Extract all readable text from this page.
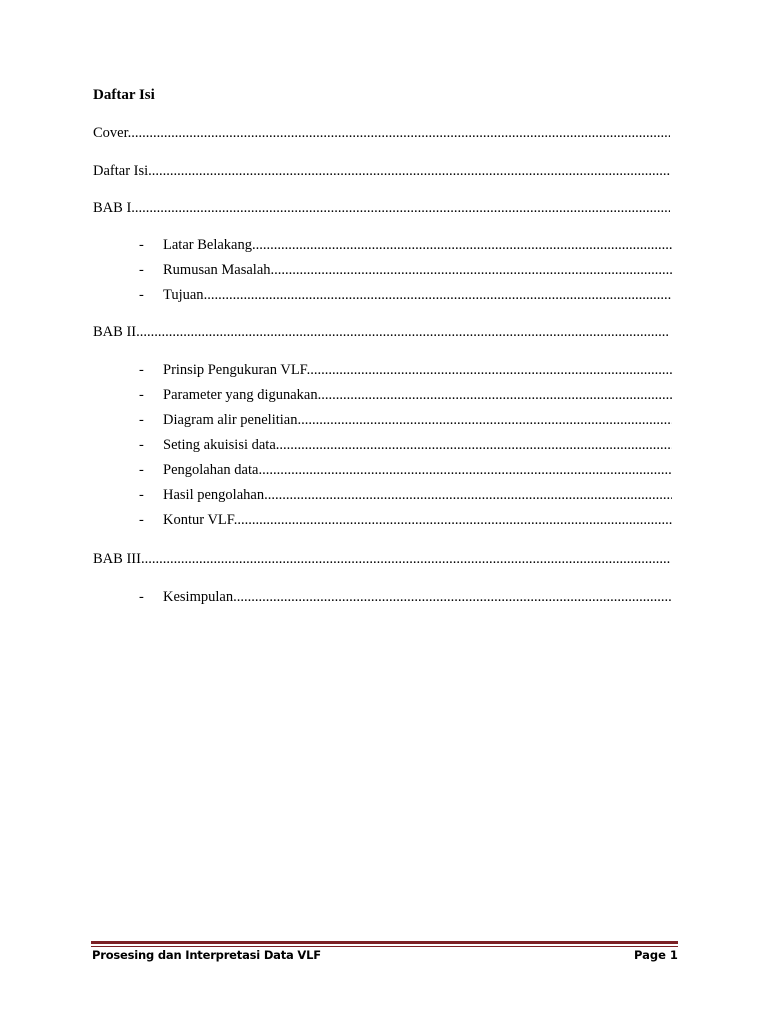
Daftar Isi
Cover .....
Daftar Isi .....
BAB I .....
- Latar Belakang .....
- Rumusan Masalah .....
- Tujuan .....
BAB II .....
- Prinsip Pengukuran VLF .....
- Parameter yang digunakan .....
- Diagram alir penelitian .....
- Seting akuisisi data .....
- Pengolahan data .....
- Hasil pengolahan .....
- Kontur VLF .....
BAB III .....
- Kesimpulan .....
Prosesing dan Interpretasi Data VLF	Page 1
